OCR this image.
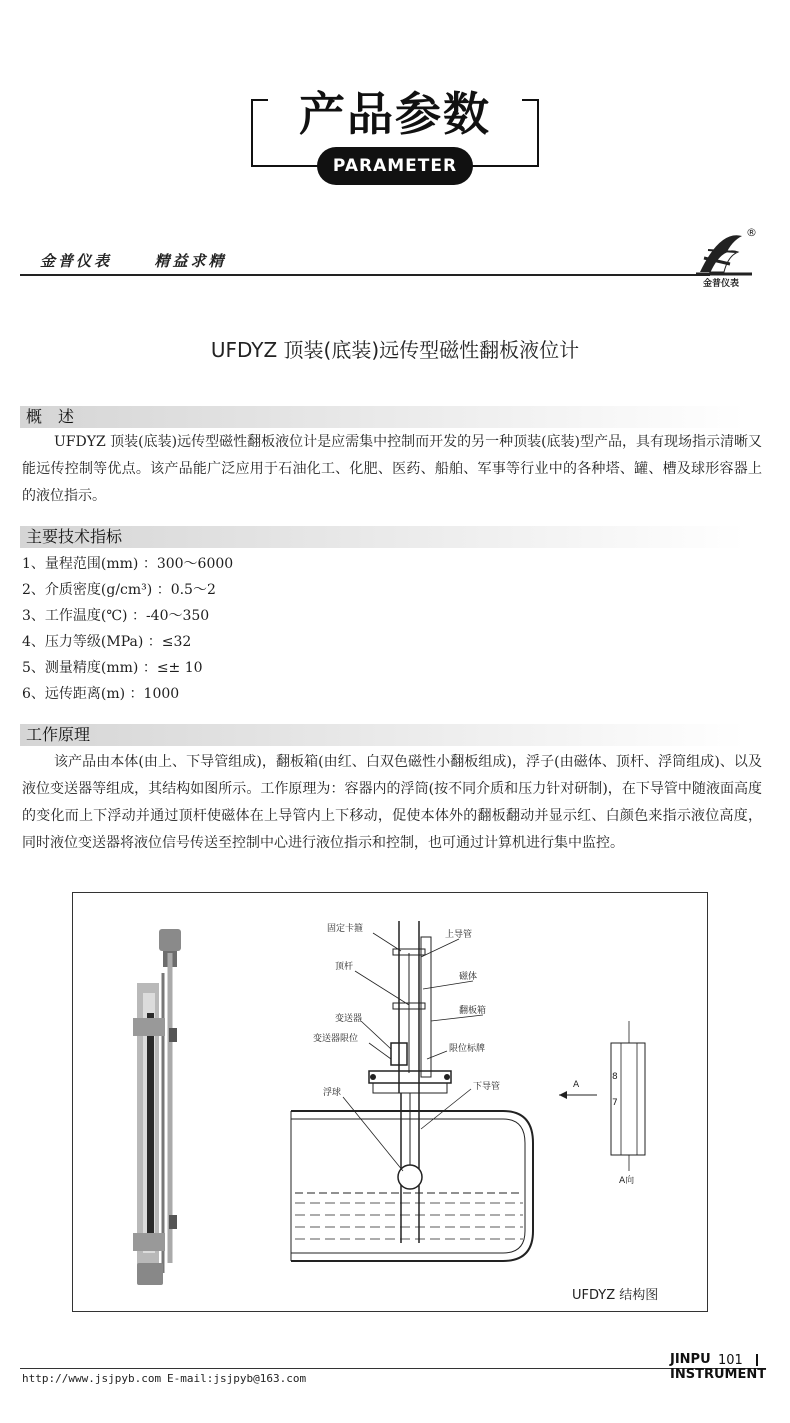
产品参数
PARAMETER
金普仪表	精益求精
®
金普仪表
UFDYZ 顶装(底装)远传型磁性翻板液位计
概　述
UFDYZ 顶装(底装)远传型磁性翻板液位计是应需集中控制而开发的另一种顶装(底装)型产品，具有现场指示清晰又能远传控制等优点。该产品能广泛应用于石油化工、化肥、医药、船舶、军事等行业中的各种塔、罐、槽及球形容器上的液位指示。
主要技术指标
1、量程范围(mm) ：300～6000
2、介质密度(g/cm³) ：0.5～2
3、工作温度(℃) ：-40～350
4、压力等级(MPa) ：≤32
5、测量精度(mm) ：≤± 10
6、远传距离(m) ：1000
工作原理
该产品由本体(由上、下导管组成)，翻板箱(由红、白双色磁性小翻板组成)，浮子(由磁体、顶杆、浮筒组成)、以及液位变送器等组成，其结构如图所示。工作原理为：容器内的浮筒(按不同介质和压力针对研制)，在下导管中随液面高度的变化而上下浮动并通过顶杆使磁体在上导管内上下移动，促使本体外的翻板翻动并显示红、白颜色来指示液位高度，同时液位变送器将液位信号传送至控制中心进行液位指示和控制，也可通过计算机进行集中监控。
固定卡箍
上导管
顶杆
磁体
翻板箱
变送器
变送器限位
限位标牌
浮球
下导管	A
8
7
A向
UFDYZ 结构图
http://www.jsjpyb.com E-mail:jsjpyb@163.com
JINPU
INSTRUMENT
101
